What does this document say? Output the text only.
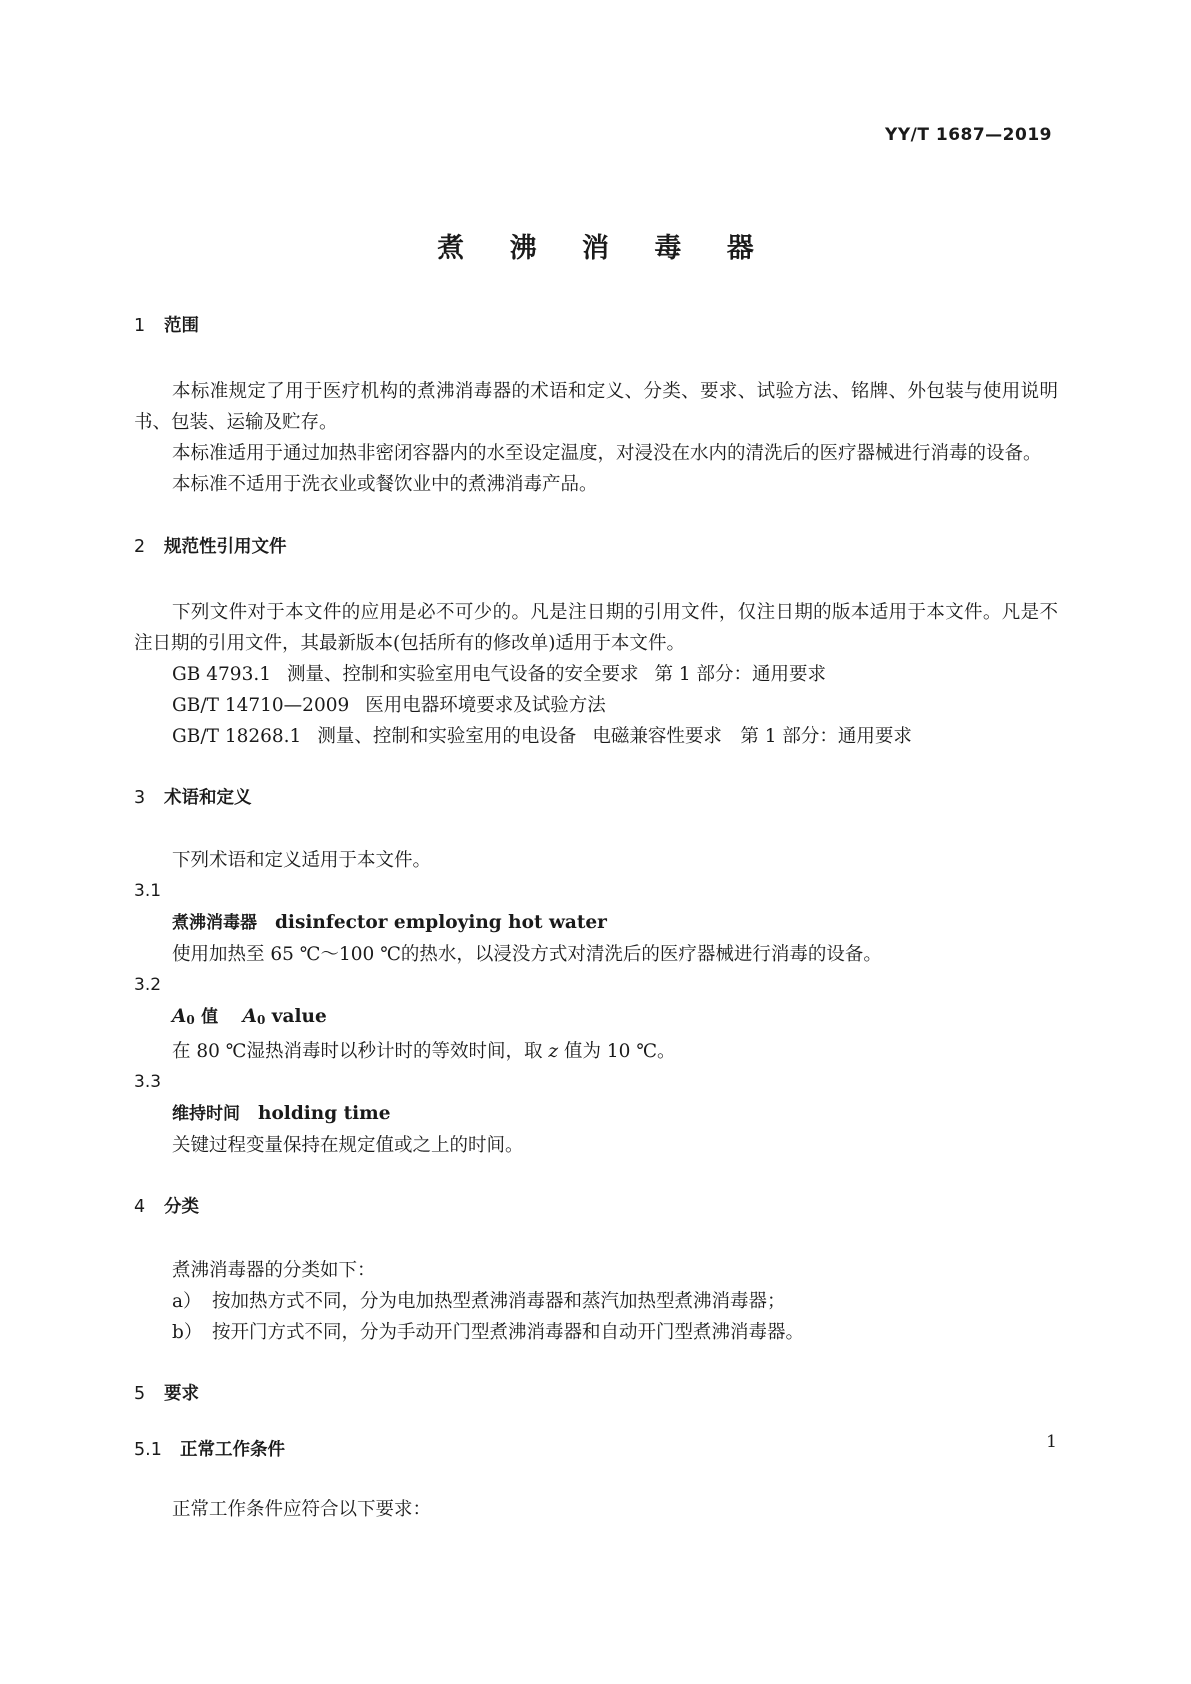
YY/T 1687—2019
煮 沸 消 毒 器
1 范围
本标准规定了用于医疗机构的煮沸消毒器的术语和定义、分类、要求、试验方法、铭牌、外包装与使用说明书、包装、运输及贮存。
本标准适用于通过加热非密闭容器内的水至设定温度，对浸没在水内的清洗后的医疗器械进行消毒的设备。
本标准不适用于洗衣业或餐饮业中的煮沸消毒产品。
2 规范性引用文件
下列文件对于本文件的应用是必不可少的。凡是注日期的引用文件，仅注日期的版本适用于本文件。凡是不注日期的引用文件，其最新版本(包括所有的修改单)适用于本文件。
GB 4793.1 测量、控制和实验室用电气设备的安全要求 第 1 部分：通用要求
GB/T 14710—2009 医用电器环境要求及试验方法
GB/T 18268.1 测量、控制和实验室用的电设备 电磁兼容性要求　第 1 部分：通用要求
3 术语和定义
下列术语和定义适用于本文件。
3.1
煮沸消毒器 disinfector employing hot water
使用加热至 65 ℃～100 ℃的热水，以浸没方式对清洗后的医疗器械进行消毒的设备。
3.2
A0 值 A0 value
在 80 ℃湿热消毒时以秒计时的等效时间，取 z 值为 10 ℃。
3.3
维持时间 holding time
关键过程变量保持在规定值或之上的时间。
4 分类
煮沸消毒器的分类如下：
a） 按加热方式不同，分为电加热型煮沸消毒器和蒸汽加热型煮沸消毒器；
b） 按开门方式不同，分为手动开门型煮沸消毒器和自动开门型煮沸消毒器。
5 要求
5.1 正常工作条件
正常工作条件应符合以下要求：
1
